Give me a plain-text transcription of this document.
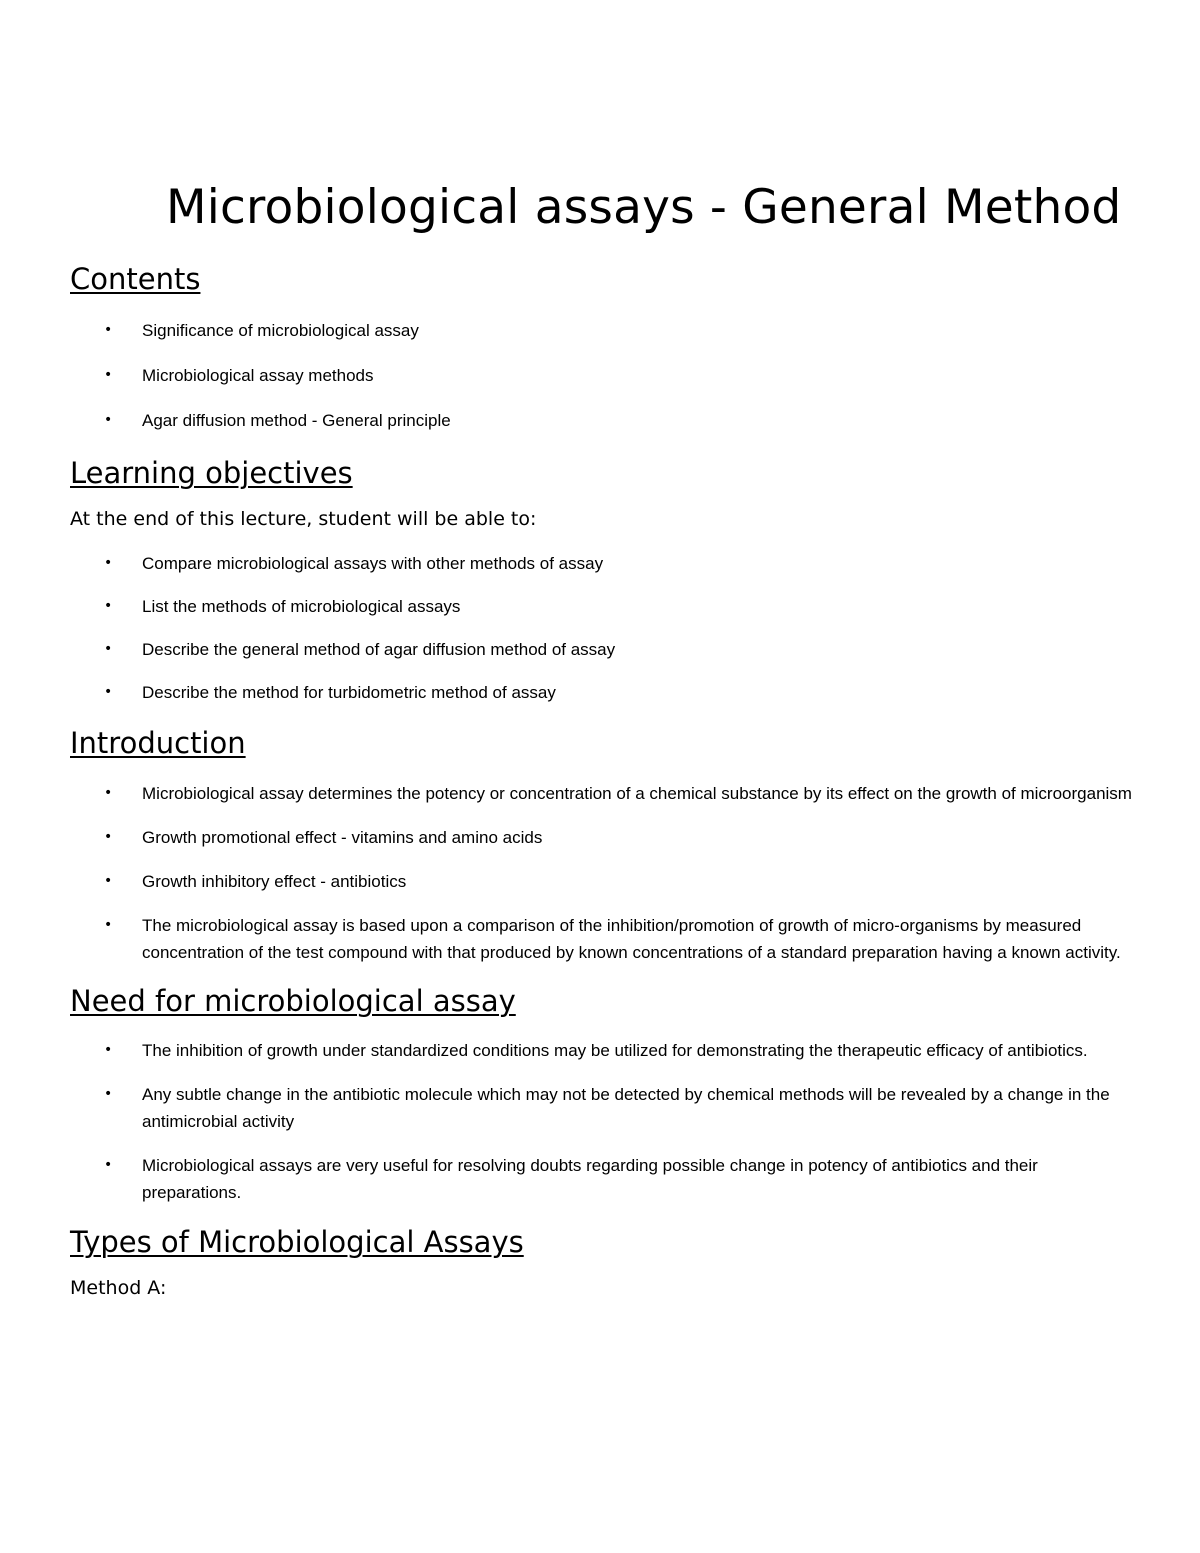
Microbiological assays - General Method
Contents
• Significance of microbiological assay
• Microbiological assay methods
• Agar diffusion method - General principle
Learning objectives

At the end of this lecture, student will be able to:

• Compare microbiological assays with other methods of assay
• List the methods of microbiological assays
• Describe the general method of agar diffusion method of assay
• Describe the method for turbidometric method of assay
Introduction
• Microbiological assay determines the potency or concentration of a chemical substance by its effect on the growth of microorganism
• Growth promotional effect - vitamins and amino acids
• Growth inhibitory effect - antibiotics
• The microbiological assay is based upon a comparison of the inhibition/promotion of growth of micro-organisms by measured concentration of the test compound with that produced by known concentrations of a standard preparation having a known activity.
Need for microbiological assay
• The inhibition of growth under standardized conditions may be utilized for demonstrating the therapeutic efficacy of antibiotics.
• Any subtle change in the antibiotic molecule which may not be detected by chemical methods will be revealed by a change in the antimicrobial activity
• Microbiological assays are very useful for resolving doubts regarding possible change in potency of antibiotics and their preparations.
Types of Microbiological Assays

Method A:
